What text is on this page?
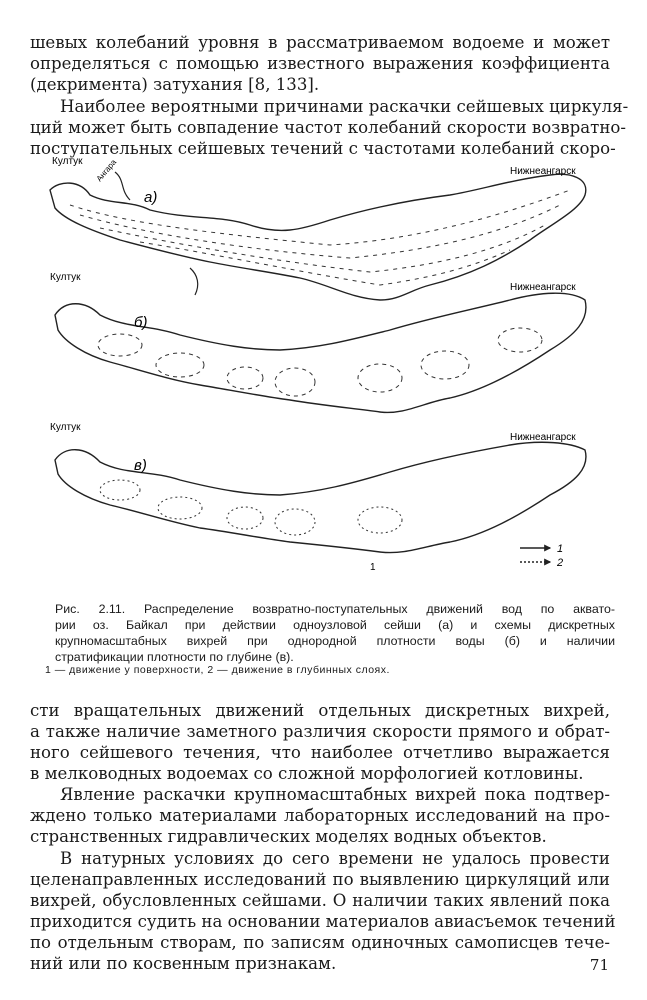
шевых колебаний уровня в рассматриваемом водоеме и может
определяться с помощью известного выражения коэффициента
(декримента) затухания [8, 133].
Наиболее вероятными причинами раскачки сейшевых циркуля-
ций может быть совпадение частот колебаний скорости возвратно-
поступательных сейшевых течений с частотами колебаний скоро-
Култук
Нижнеангарск
а)
Ангара
Култук
Нижнеангарск
б)
Култук
Нижнеангарск
в)
1
1
2
Рис. 2.11. Распределение возвратно-поступательных движений вод по аквато-
рии оз. Байкал при действии одноузловой сейши (а) и схемы дискретных
крупномасштабных вихрей при однородной плотности воды (б) и наличии
стратификации плотности по глубине (в).
1 — движение у поверхности, 2 — движение в глубинных слоях.
сти вращательных движений отдельных дискретных вихрей,
а также наличие заметного различия скорости прямого и обрат-
ного сейшевого течения, что наиболее отчетливо выражается
в мелководных водоемах со сложной морфологией котловины.
Явление раскачки крупномасштабных вихрей пока подтвер-
ждено только материалами лабораторных исследований на про-
странственных гидравлических моделях водных объектов.
В натурных условиях до сего времени не удалось провести
целенаправленных исследований по выявлению циркуляций или
вихрей, обусловленных сейшами. О наличии таких явлений пока
приходится судить на основании материалов авиасъемок течений
по отдельным створам, по записям одиночных самописцев тече-
ний или по косвенным признакам.	71
